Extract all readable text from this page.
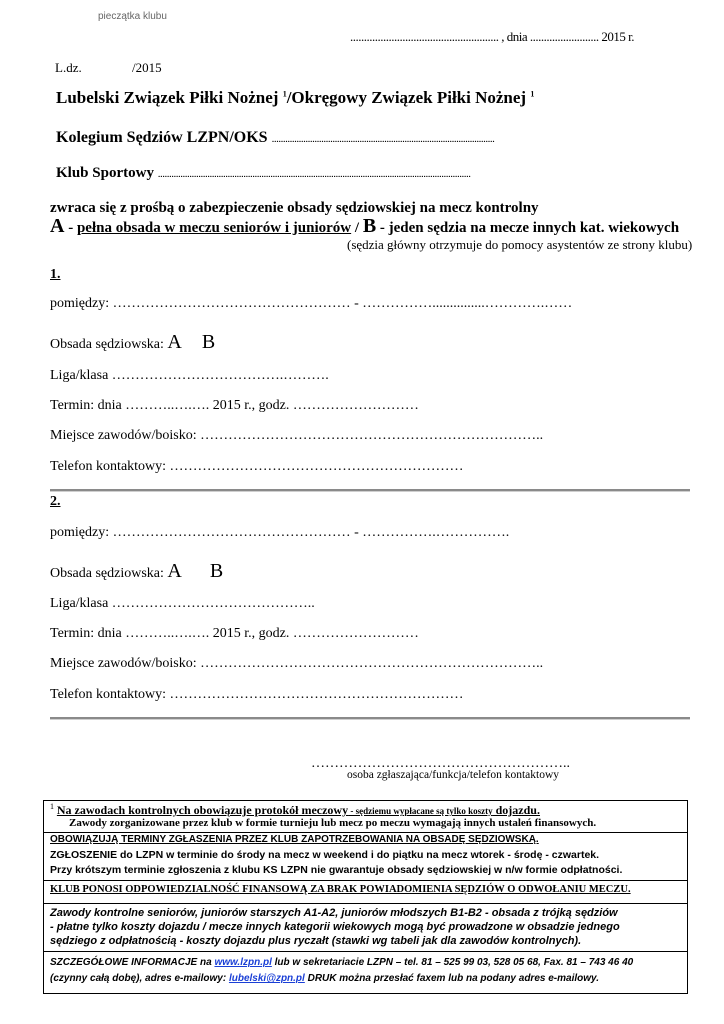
pieczątka klubu
...................................................... , dnia ......................... 2015 r.
L.dz.	/2015
Lubelski Związek Piłki Nożnej $^1$/Okręgowy Związek Piłki Nożnej $^1$
Kolegium Sędziów LZPN/OKS ...................................................................................................
Klub Sportowy ...........................................................................................................................................
zwraca się z prośbą o zabezpieczenie obsady sędziowskiej na mecz kontrolny
A - pełna obsada w meczu seniorów i juniorów / B - jeden sędzia na mecze innych kat. wiekowych
(sędzia główny otrzymuje do pomocy asystentów ze strony klubu)
1.
pomiędzy: …………………………………………… - ……………...............………….……
Obsada sędziowska: A B
Liga/klasa ……………………………….……….
Termin: dnia ………..….…. 2015 r., godz. ………………………
Miejsce zawodów/boisko: ………………………………………………………………..
Telefon kontaktowy: ………………………………………………………
2.
pomiędzy: …………………………………………… - …………….…………….
Obsada sędziowska: A B
Liga/klasa ……………………………………..
Termin: dnia ………..….…. 2015 r., godz. ………………………
Miejsce zawodów/boisko: ………………………………………………………………..
Telefon kontaktowy: ………………………………………………………
………………………………………………..
osoba zgłaszająca/funkcja/telefon kontaktowy
$^1$ Na zawodach kontrolnych obowiązuje protokół meczowy - sędziemu wypłacane są tylko koszty dojazdu.
Zawody zorganizowane przez klub w formie turnieju lub mecz po meczu wymagają innych ustaleń finansowych.
OBOWIĄZUJĄ TERMINY ZGŁASZENIA PRZEZ KLUB ZAPOTRZEBOWANIA NA OBSADĘ SĘDZIOWSKĄ.
ZGŁOSZENIE do LZPN w terminie do środy na mecz w weekend i do piątku na mecz wtorek - środę - czwartek.
Przy krótszym terminie zgłoszenia z klubu KS LZPN nie gwarantuje obsady sędziowskiej w n/w formie odpłatności.
KLUB PONOSI ODPOWIEDZIALNOŚĆ FINANSOWĄ ZA BRAK POWIADOMIENIA SĘDZIÓW O ODWOŁANIU MECZU.
Zawody kontrolne seniorów, juniorów starszych A1-A2, juniorów młodszych B1-B2 - obsada z trójką sędziów
- płatne tylko koszty dojazdu / mecze innych kategorii wiekowych mogą być prowadzone w obsadzie jednego
sędziego z odpłatnością - koszty dojazdu plus ryczałt (stawki wg tabeli jak dla zawodów kontrolnych).
SZCZEGÓŁOWE INFORMACJE na www.lzpn.pl lub w sekretariacie LZPN – tel. 81 – 525 99 03, 528 05 68, Fax. 81 – 743 46 40
(czynny całą dobę), adres e-mailowy: lubelski@zpn.pl DRUK można przesłać faxem lub na podany adres e-mailowy.
